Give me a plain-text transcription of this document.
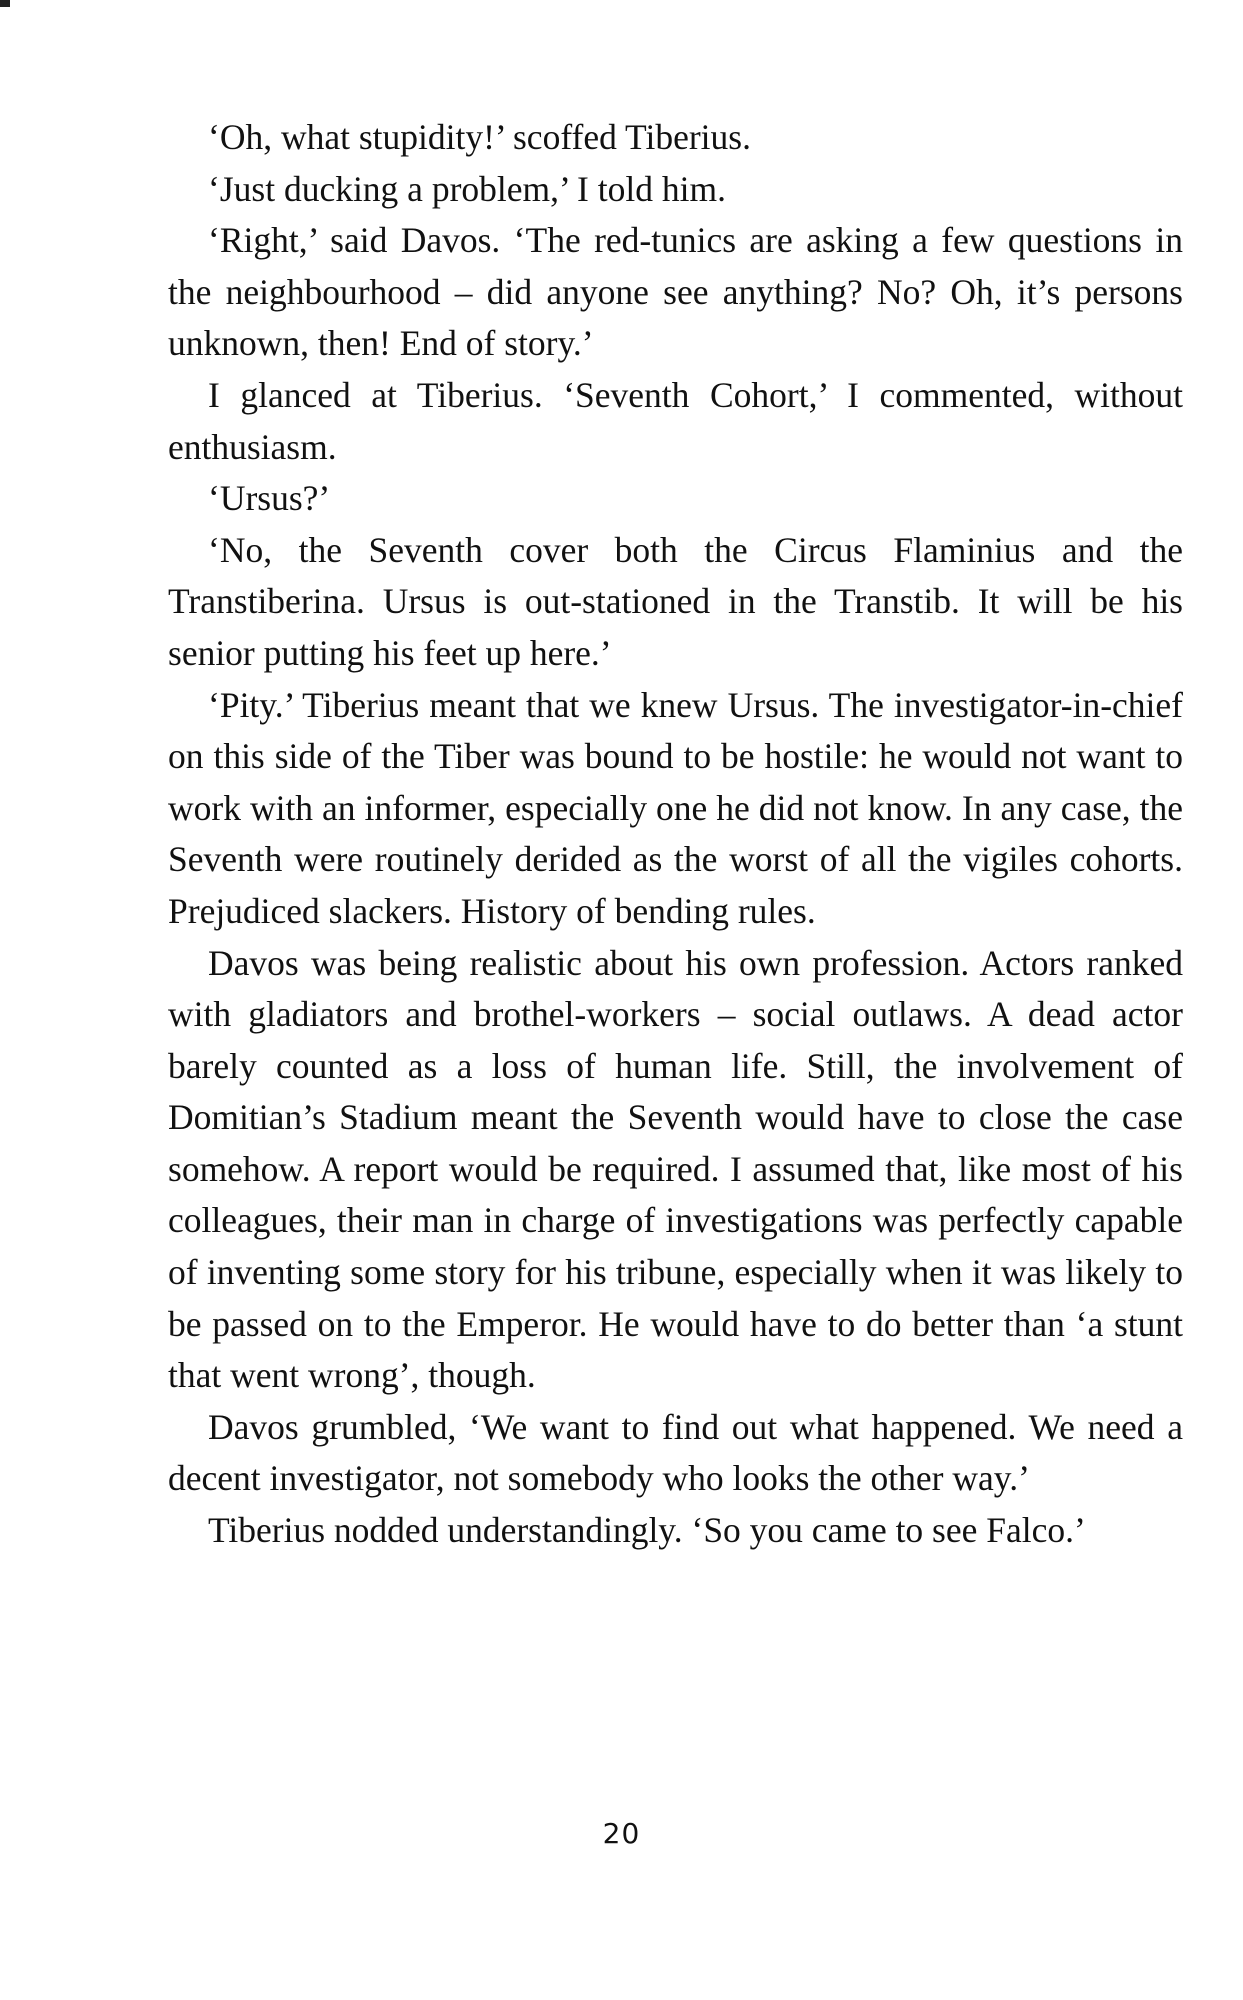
‘Oh, what stupidity!’ scoffed Tiberius.

‘Just ducking a problem,’ I told him.

‘Right,’ said Davos. ‘The red-tunics are asking a few questions in the neighbourhood – did anyone see anything? No? Oh, it’s persons unknown, then! End of story.’

I glanced at Tiberius. ‘Seventh Cohort,’ I commented, without enthusiasm.

‘Ursus?’

‘No, the Seventh cover both the Circus Flaminius and the Transtiberina. Ursus is out-stationed in the Transtib. It will be his senior putting his feet up here.’

‘Pity.’ Tiberius meant that we knew Ursus. The investigator-in-chief on this side of the Tiber was bound to be hostile: he would not want to work with an informer, especially one he did not know. In any case, the Seventh were routinely derided as the worst of all the vigiles cohorts. Prejudiced slackers. History of bending rules.

Davos was being realistic about his own profession. Actors ranked with gladiators and brothel-workers – social outlaws. A dead actor barely counted as a loss of human life. Still, the involvement of Domitian’s Stadium meant the Seventh would have to close the case somehow. A report would be required. I assumed that, like most of his colleagues, their man in charge of investigations was perfectly capable of inventing some story for his tribune, especially when it was likely to be passed on to the Emperor. He would have to do better than ‘a stunt that went wrong’, though.

Davos grumbled, ‘We want to find out what happened. We need a decent investigator, not somebody who looks the other way.’

Tiberius nodded understandingly. ‘So you came to see Falco.’

20
